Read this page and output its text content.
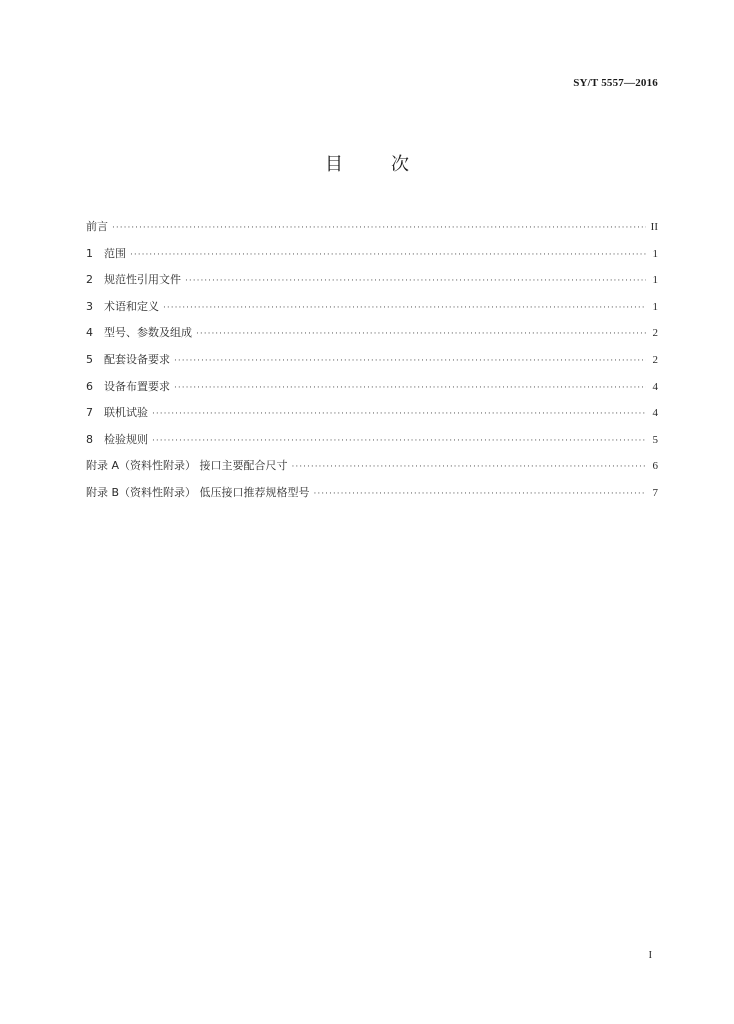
SY/T 5557—2016
目次
前言 ·····	II
1	范围 ·····	1
2	规范性引用文件 ·····	1
3	术语和定义 ·····	1
4	型号、参数及组成 ·····	2
5	配套设备要求 ·····	2
6	设备布置要求 ·····	4
7	联机试验 ·····	4
8	检验规则 ·····	5
附录 A（资料性附录） 接口主要配合尺寸 ·····	6
附录 B（资料性附录） 低压接口推荐规格型号 ·····	7
I
